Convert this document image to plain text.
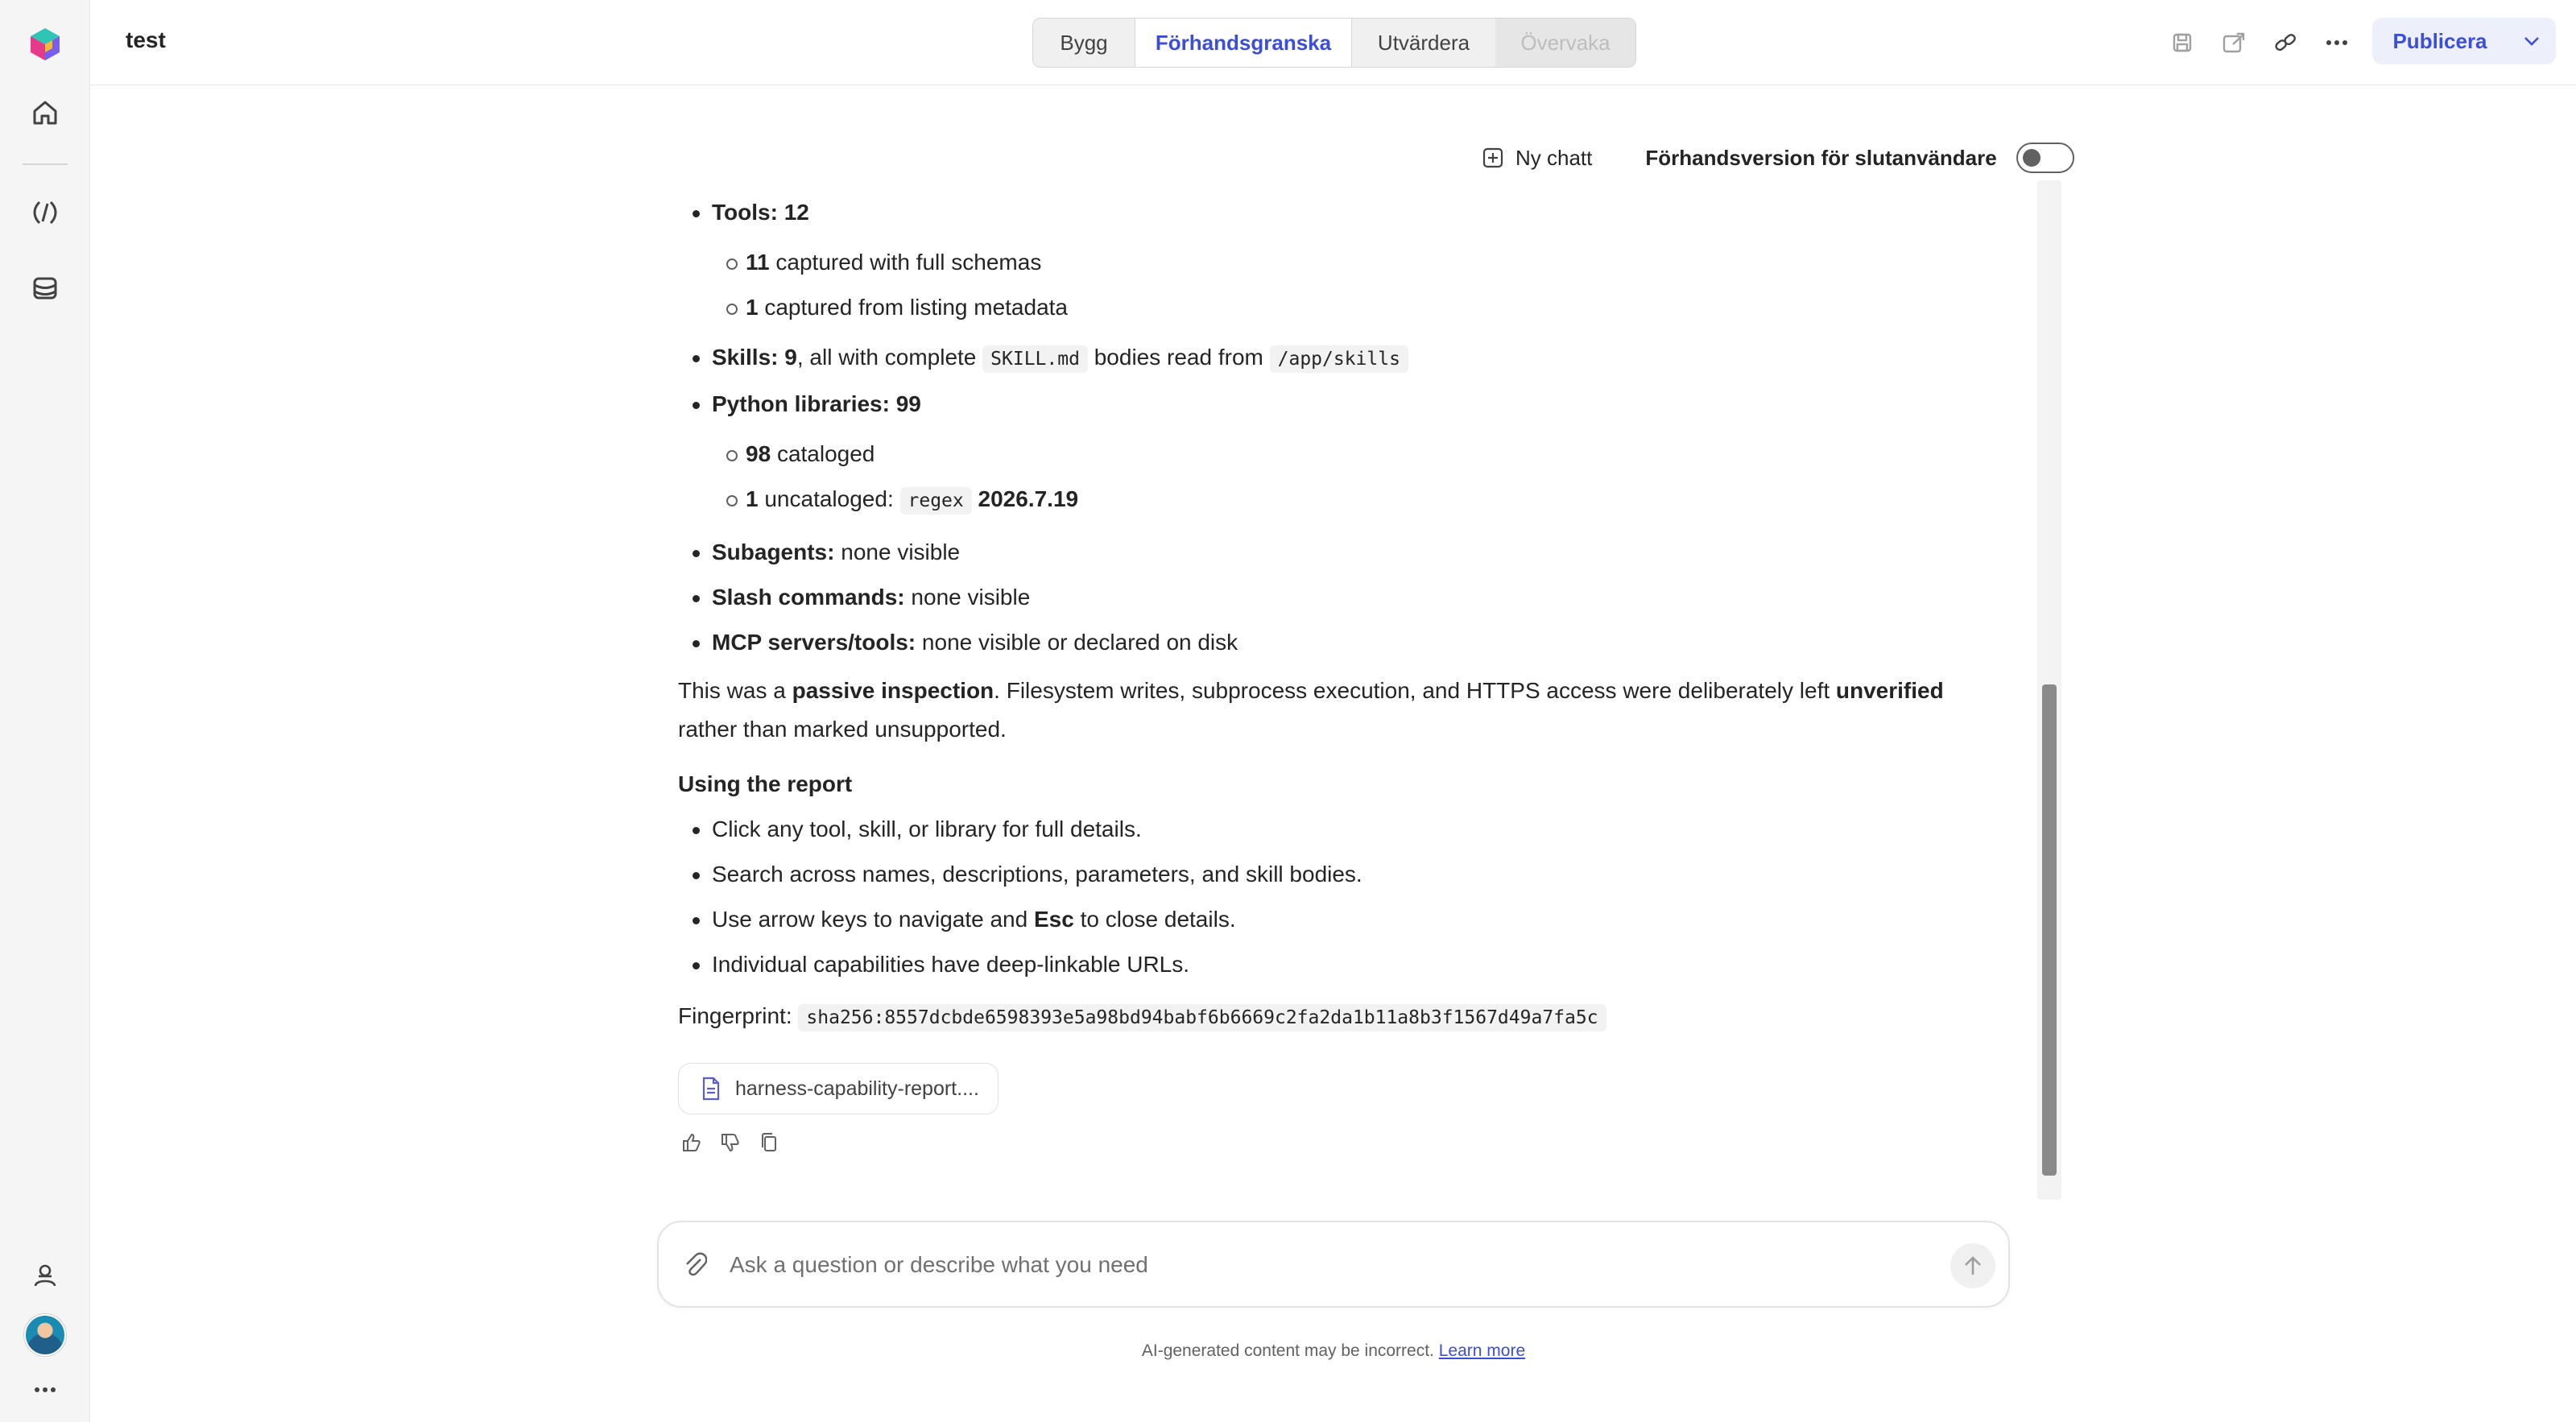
test	Bygg	Förhandsgranska	Utvärdera	Övervaka	Publicera
Ny chatt	Förhandsversion för slutanvändare
Tools: 12
11 captured with full schemas
1 captured from listing metadata
Skills: 9, all with complete SKILL.md bodies read from /app/skills
Python libraries: 99
98 cataloged
1 uncataloged: regex 2026.7.19
Subagents: none visible
Slash commands: none visible
MCP servers/tools: none visible or declared on disk

This was a passive inspection. Filesystem writes, subprocess execution, and HTTPS access were deliberately left unverified rather than marked unsupported.

Using the report
Click any tool, skill, or library for full details.
Search across names, descriptions, parameters, and skill bodies.
Use arrow keys to navigate and Esc to close details.
Individual capabilities have deep-linkable URLs.
Fingerprint: sha256:8557dcbde6598393e5a98bd94babf6b6669c2fa2da1b11a8b3f1567d49a7fa5c
harness-capability-report....
Ask a question or describe what you need
AI-generated content may be incorrect. Learn more
